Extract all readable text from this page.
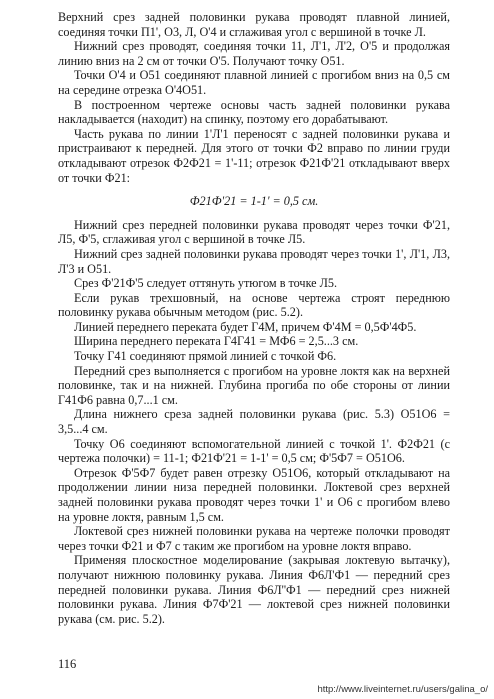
Верхний срез задней половинки рукава проводят плавной линией, соединяя точки П1', О3, Л, О'4 и сглаживая угол с вершиной в точке Л.

Нижний срез проводят, соединяя точки 11, Л'1, Л'2, О'5 и продолжая линию вниз на 2 см от точки О'5. Получают точку О51.

Точки О'4 и О51 соединяют плавной линией с прогибом вниз на 0,5 см на середине отрезка О'4О51.

В построенном чертеже основы часть задней половинки рукава накладывается (находит) на спинку, поэтому его дорабатывают.

Часть рукава по линии 1'Л'1 переносят с задней половинки рукава и пристраивают к передней. Для этого от точки Ф2 вправо по линии груди откладывают отрезок Ф2Ф21 = 1'-11; отрезок Ф21Ф'21 откладывают вверх от точки Ф21:

Ф21Ф'21 = 1-1' = 0,5 см.

Нижний срез передней половинки рукава проводят через точки Ф'21, Л5, Ф'5, сглаживая угол с вершиной в точке Л5.

Нижний срез задней половинки рукава проводят через точки 1', Л'1, Л3, Л'3 и О51.

Срез Ф'21Ф'5 следует оттянуть утюгом в точке Л5.

Если рукав трехшовный, на основе чертежа строят переднюю половинку рукава обычным методом (рис. 5.2).

Линией переднего переката будет Г4М, причем Ф'4М = 0,5Ф'4Ф5.

Ширина переднего переката Г4Г41 = МФ6 = 2,5...3 см.

Точку Г41 соединяют прямой линией с точкой Ф6.

Передний срез выполняется с прогибом на уровне локтя как на верхней половинке, так и на нижней. Глубина прогиба по обе стороны от линии Г41Ф6 равна 0,7...1 см.

Длина нижнего среза задней половинки рукава (рис. 5.3) О51О6 = 3,5...4 см.

Точку О6 соединяют вспомогательной линией с точкой 1'. Ф2Ф21 (с чертежа полочки) = 11-1; Ф21Ф'21 = 1-1' = 0,5 см; Ф'5Ф7 = О51О6.

Отрезок Ф'5Ф7 будет равен отрезку О51О6, который откладывают на продолжении линии низа передней половинки. Локтевой срез верхней задней половинки рукава проводят через точки 1' и О6 с прогибом влево на уровне локтя, равным 1,5 см.

Локтевой срез нижней половинки рукава на чертеже полочки проводят через точки Ф21 и Ф7 с таким же прогибом на уровне локтя вправо.

Применяя плоскостное моделирование (закрывая локтевую вытачку), получают нижнюю половинку рукава. Линия Ф6Л'Ф1 — передний срез передней половинки рукава. Линия Ф6Л''Ф1 — передний срез нижней половинки рукава. Линия Ф7Ф'21 — локтевой срез нижней половинки рукава (см. рис. 5.2).

116
http://www.liveinternet.ru/users/galina_o/
